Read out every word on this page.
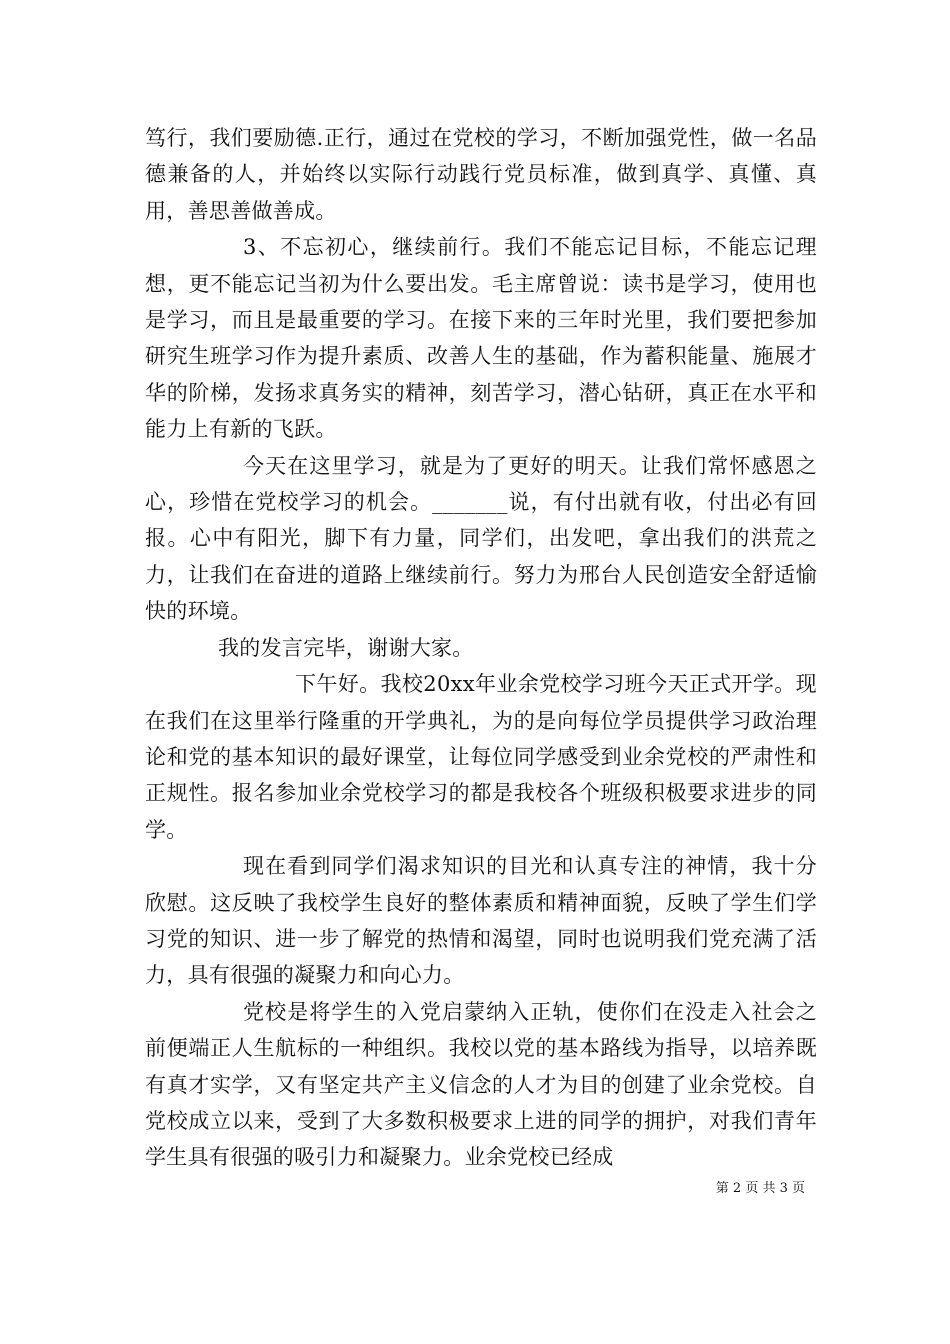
笃行，我们要励德.正行，通过在党校的学习，不断加强党性，做一名品德兼备的人，并始终以实际行动践行党员标准，做到真学、真懂、真用，善思善做善成。

3、不忘初心，继续前行。我们不能忘记目标，不能忘记理想，更不能忘记当初为什么要出发。毛主席曾说：读书是学习，使用也是学习，而且是最重要的学习。在接下来的三年时光里，我们要把参加研究生班学习作为提升素质、改善人生的基础，作为蓄积能量、施展才华的阶梯，发扬求真务实的精神，刻苦学习，潜心钻研，真正在水平和能力上有新的飞跃。

今天在这里学习，就是为了更好的明天。让我们常怀感恩之心，珍惜在党校学习的机会。_______说，有付出就有收，付出必有回报。心中有阳光，脚下有力量，同学们，出发吧，拿出我们的洪荒之力，让我们在奋进的道路上继续前行。努力为邢台人民创造安全舒适愉快的环境。

我的发言完毕，谢谢大家。

下午好。我校20xx年业余党校学习班今天正式开学。现在我们在这里举行隆重的开学典礼，为的是向每位学员提供学习政治理论和党的基本知识的最好课堂，让每位同学感受到业余党校的严肃性和正规性。报名参加业余党校学习的都是我校各个班级积极要求进步的同学。

现在看到同学们渴求知识的目光和认真专注的神情，我十分欣慰。这反映了我校学生良好的整体素质和精神面貌，反映了学生们学习党的知识、进一步了解党的热情和渴望，同时也说明我们党充满了活力，具有很强的凝聚力和向心力。

党校是将学生的入党启蒙纳入正轨，使你们在没走入社会之前便端正人生航标的一种组织。我校以党的基本路线为指导，以培养既有真才实学，又有坚定共产主义信念的人才为目的创建了业余党校。自党校成立以来，受到了大多数积极要求上进的同学的拥护，对我们青年学生具有很强的吸引力和凝聚力。业余党校已经成

第 2 页 共 3 页
